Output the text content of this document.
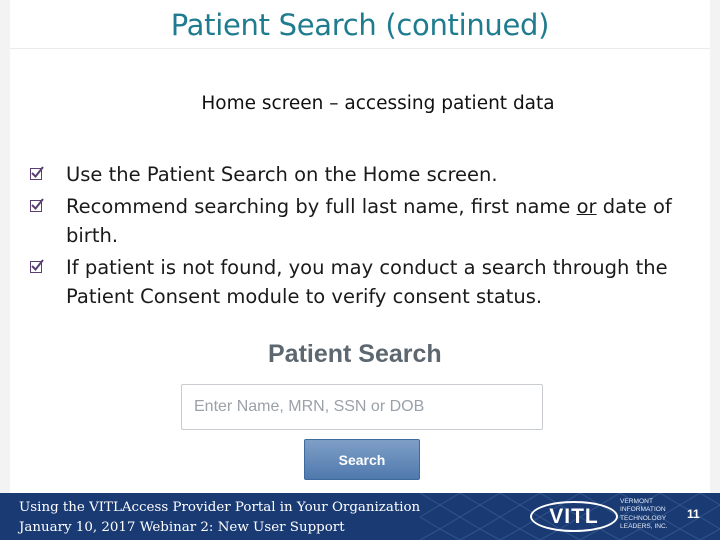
Patient Search (continued)
Home screen – accessing patient data
Use the Patient Search on the Home screen.
Recommend searching by full last name, first name or date of birth.
If patient is not found, you may conduct a search through the Patient Consent module to verify consent status.
Patient Search
Enter Name, MRN, SSN or DOB
Search
Using the VITLAccess Provider Portal in Your Organization
January 10, 2017 Webinar 2: New User Support	VITL
VERMONT INFORMATION TECHNOLOGY LEADERS, INC.
11
